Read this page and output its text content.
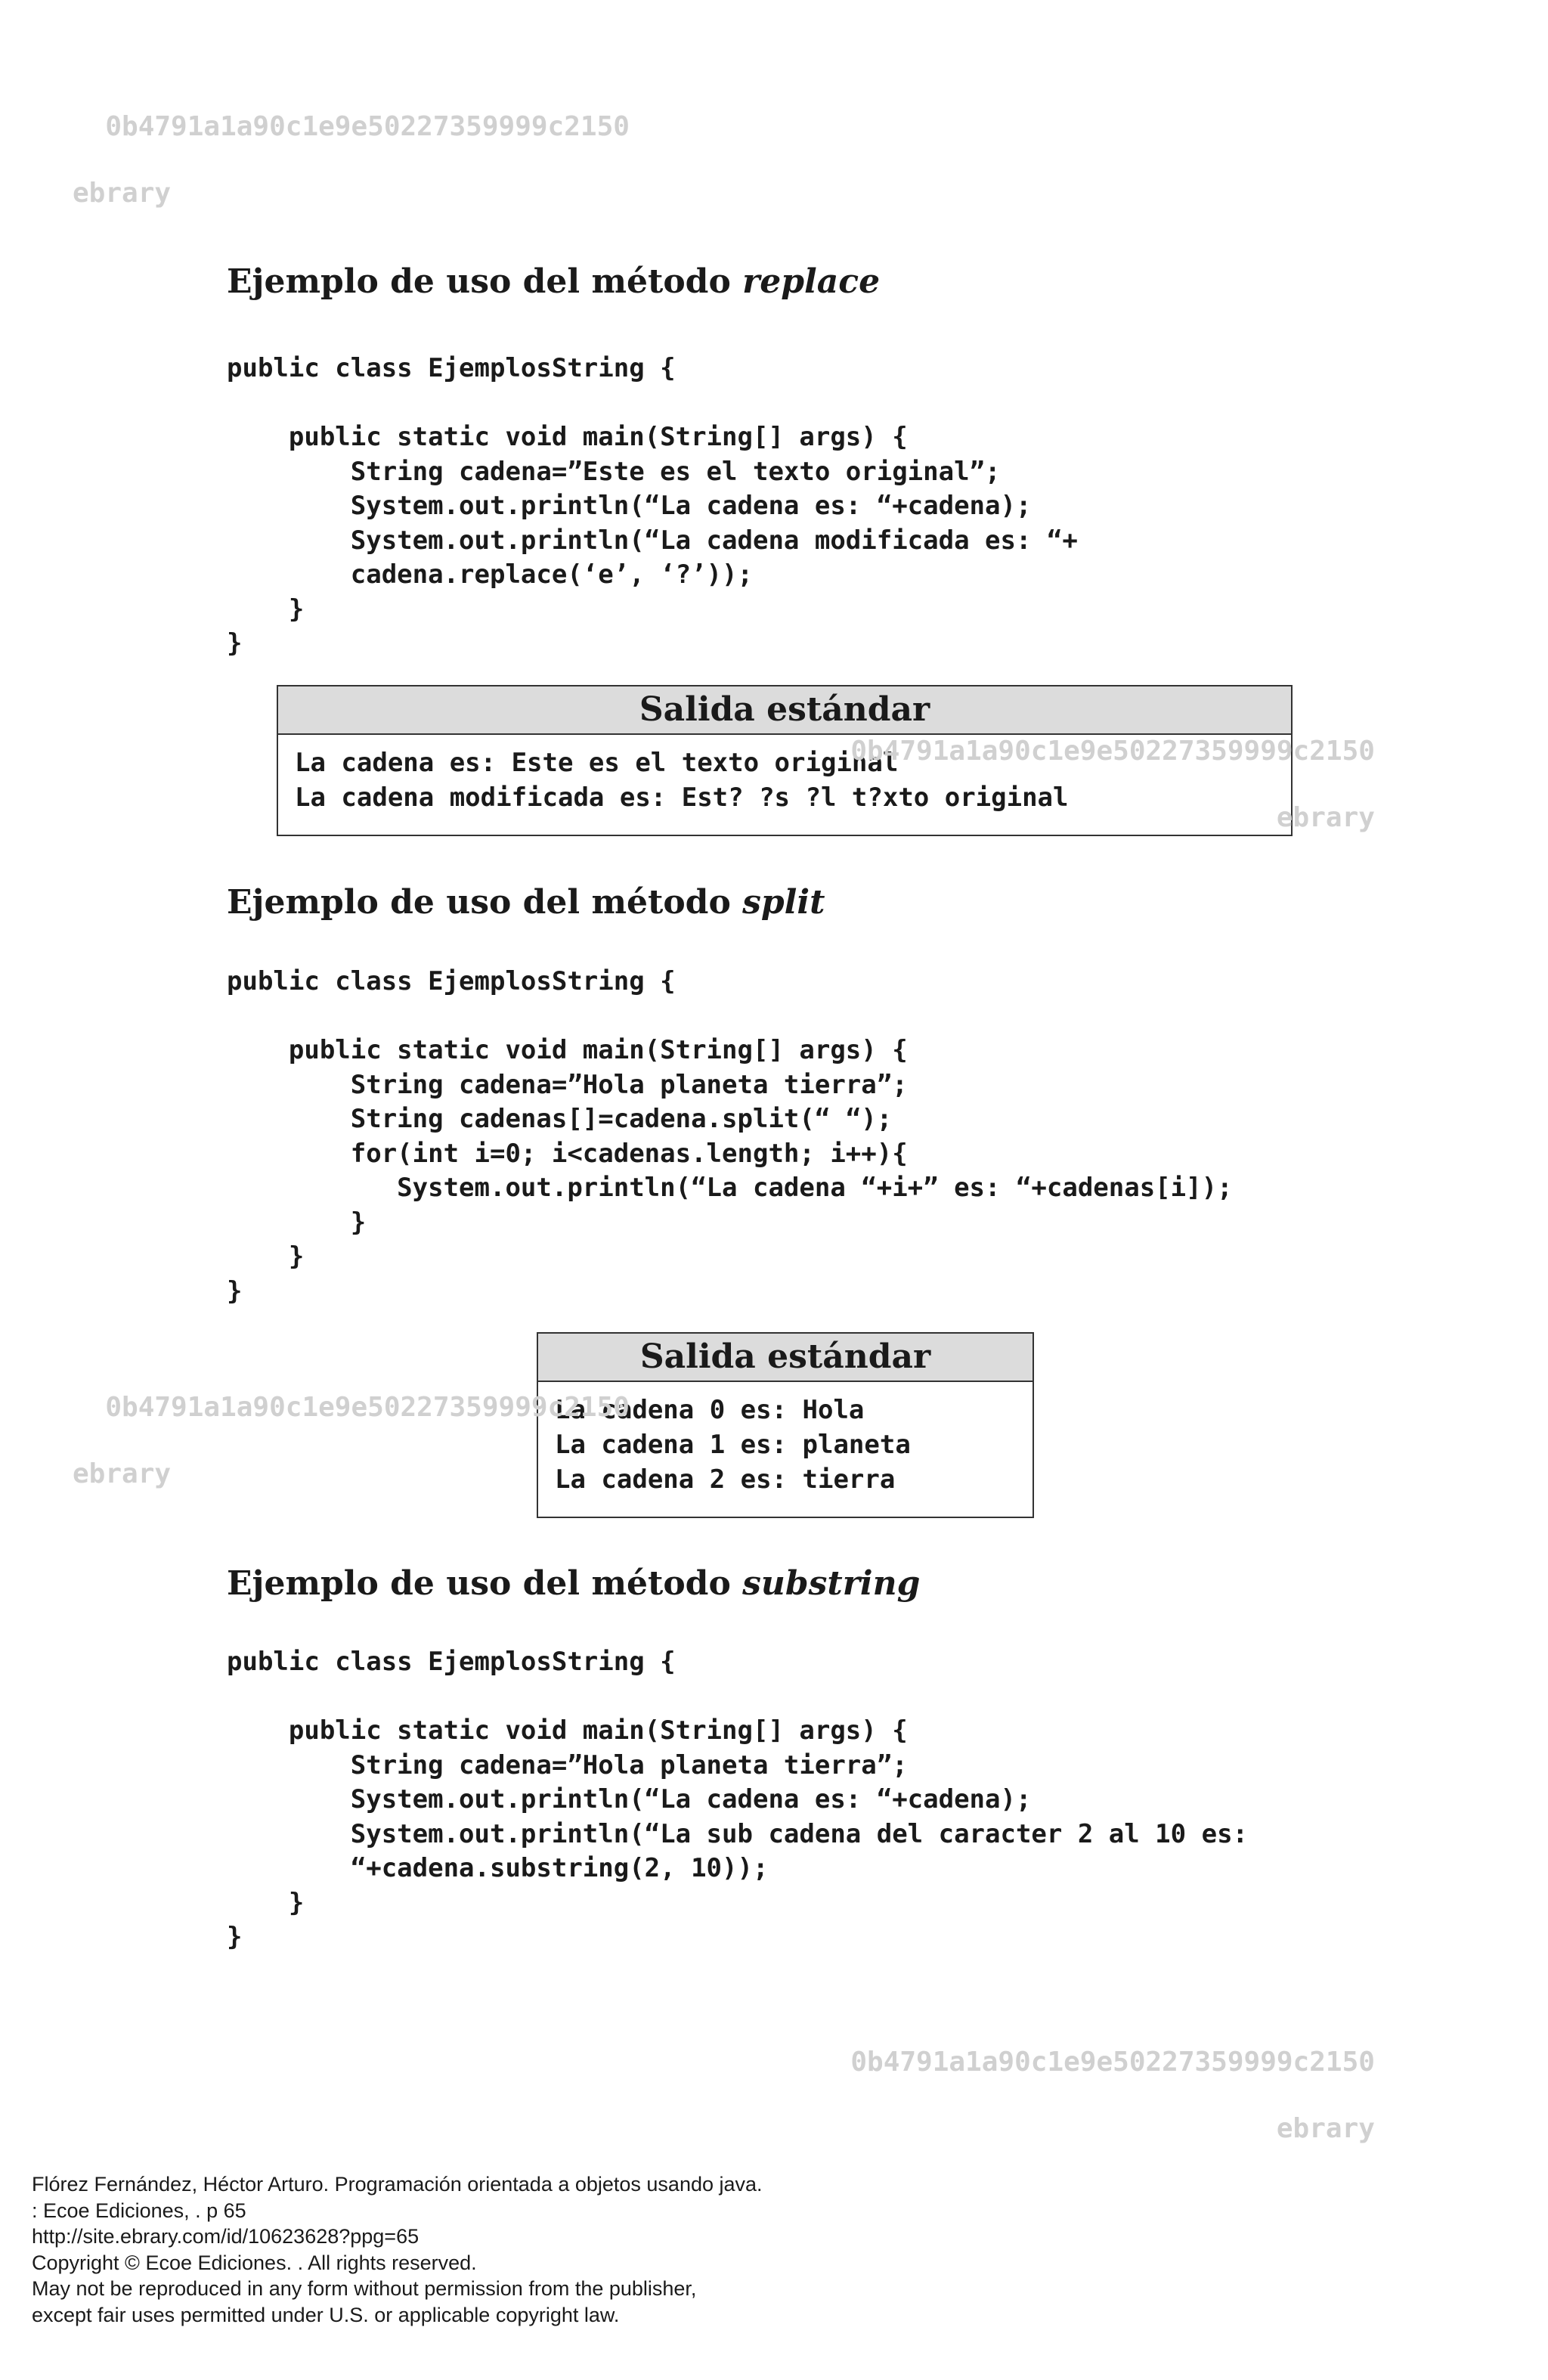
0b4791a1a90c1e9e50227359999c2150

ebrary

0b4791a1a90c1e9e50227359999c2150

ebrary

0b4791a1a90c1e9e50227359999c2150

ebrary

0b4791a1a90c1e9e50227359999c2150

ebrary

Ejemplo de uso del método replace
public class EjemplosString {

public static void main(String[] args) {
String cadena=”Este es el texto original”;
System.out.println(“La cadena es: “+cadena);
System.out.println(“La cadena modificada es: “+
cadena.replace(‘e’, ‘?’));
}
}
Salida estándar
La cadena es: Este es el texto original
La cadena modificada es: Est? ?s ?l t?xto original
Ejemplo de uso del método split
public class EjemplosString {

public static void main(String[] args) {
String cadena=”Hola planeta tierra”;
String cadenas[]=cadena.split(“ “);
for(int i=0; i<cadenas.length; i++){
System.out.println(“La cadena “+i+” es: “+cadenas[i]);
}
}
}
Salida estándar
La cadena 0 es: Hola
La cadena 1 es: planeta
La cadena 2 es: tierra
Ejemplo de uso del método substring
public class EjemplosString {

public static void main(String[] args) {
String cadena=”Hola planeta tierra”;
System.out.println(“La cadena es: “+cadena);
System.out.println(“La sub cadena del caracter 2 al 10 es:
“+cadena.substring(2, 10));
}
}
Flórez Fernández, Héctor Arturo. Programación orientada a objetos usando java.
: Ecoe Ediciones, . p 65
http://site.ebrary.com/id/10623628?ppg=65
Copyright © Ecoe Ediciones. . All rights reserved.
May not be reproduced in any form without permission from the publisher,
except fair uses permitted under U.S. or applicable copyright law.
